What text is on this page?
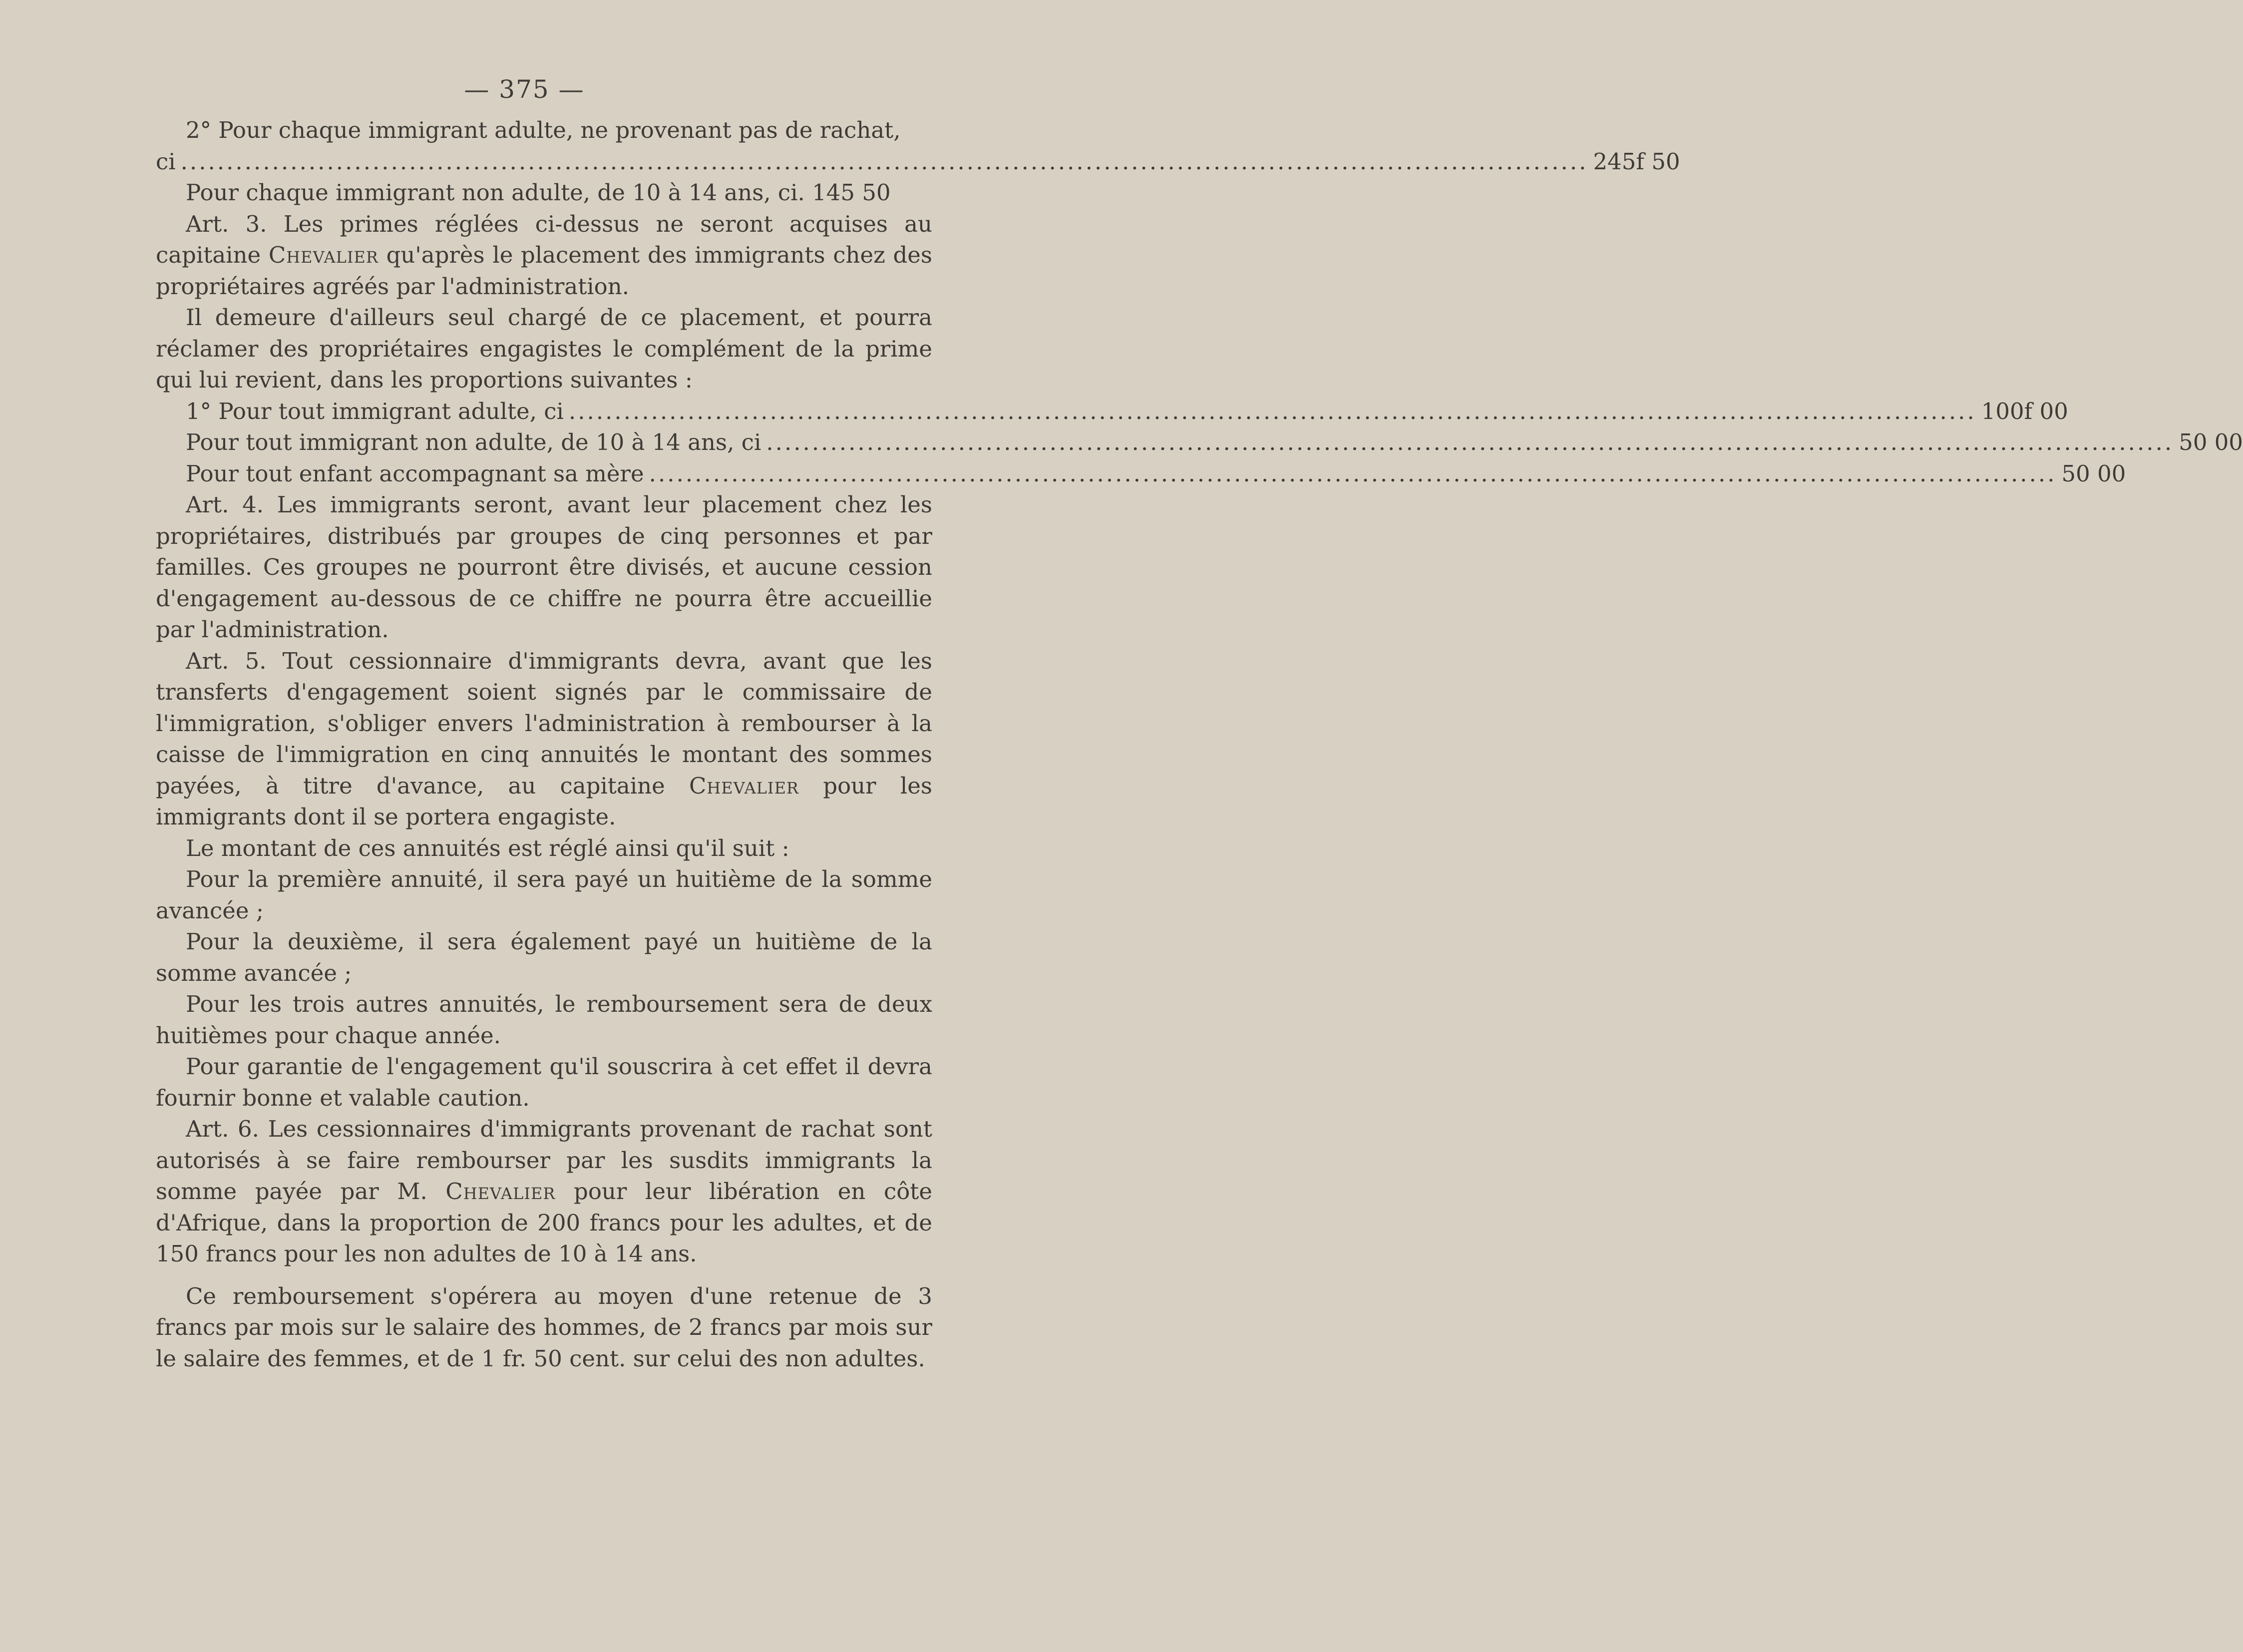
— 375 —

2° Pour chaque immigrant adulte, ne provenant pas de rachat,

ci .......................................................................................................................................................... 245f 50

Pour chaque immigrant non adulte, de 10 à 14 ans, ci. 145 50

Art. 3. Les primes réglées ci-dessus ne seront acquises au capitaine Chevalier qu'après le placement des immigrants chez des propriétaires agréés par l'administration.

Il demeure d'ailleurs seul chargé de ce placement, et pourra réclamer des propriétaires engagistes le complément de la prime qui lui revient, dans les proportions suivantes :

1° Pour tout immigrant adulte, ci .......................................................................................................................................................... 100f 00
Pour tout immigrant non adulte, de 10 à 14 ans, ci .......................................................................................................................................................... 50 00
Pour tout enfant accompagnant sa mère .......................................................................................................................................................... 50 00

Art. 4. Les immigrants seront, avant leur placement chez les propriétaires, distribués par groupes de cinq personnes et par familles. Ces groupes ne pourront être divisés, et aucune cession d'engagement au-dessous de ce chiffre ne pourra être accueillie par l'administration.

Art. 5. Tout cessionnaire d'immigrants devra, avant que les transferts d'engagement soient signés par le commissaire de l'immigration, s'obliger envers l'administration à rembourser à la caisse de l'immigration en cinq annuités le montant des sommes payées, à titre d'avance, au capitaine Chevalier pour les immigrants dont il se portera engagiste.

Le montant de ces annuités est réglé ainsi qu'il suit :

Pour la première annuité, il sera payé un huitième de la somme avancée ;

Pour la deuxième, il sera également payé un huitième de la somme avancée ;

Pour les trois autres annuités, le remboursement sera de deux huitièmes pour chaque année.

Pour garantie de l'engagement qu'il souscrira à cet effet il devra fournir bonne et valable caution.

Art. 6. Les cessionnaires d'immigrants provenant de rachat sont autorisés à se faire rembourser par les susdits immigrants la somme payée par M. Chevalier pour leur libération en côte d'Afrique, dans la proportion de 200 francs pour les adultes, et de 150 francs pour les non adultes de 10 à 14 ans.

Ce remboursement s'opérera au moyen d'une retenue de 3 francs par mois sur le salaire des hommes, de 2 francs par mois sur le salaire des femmes, et de 1 fr. 50 cent. sur celui des non adultes.
